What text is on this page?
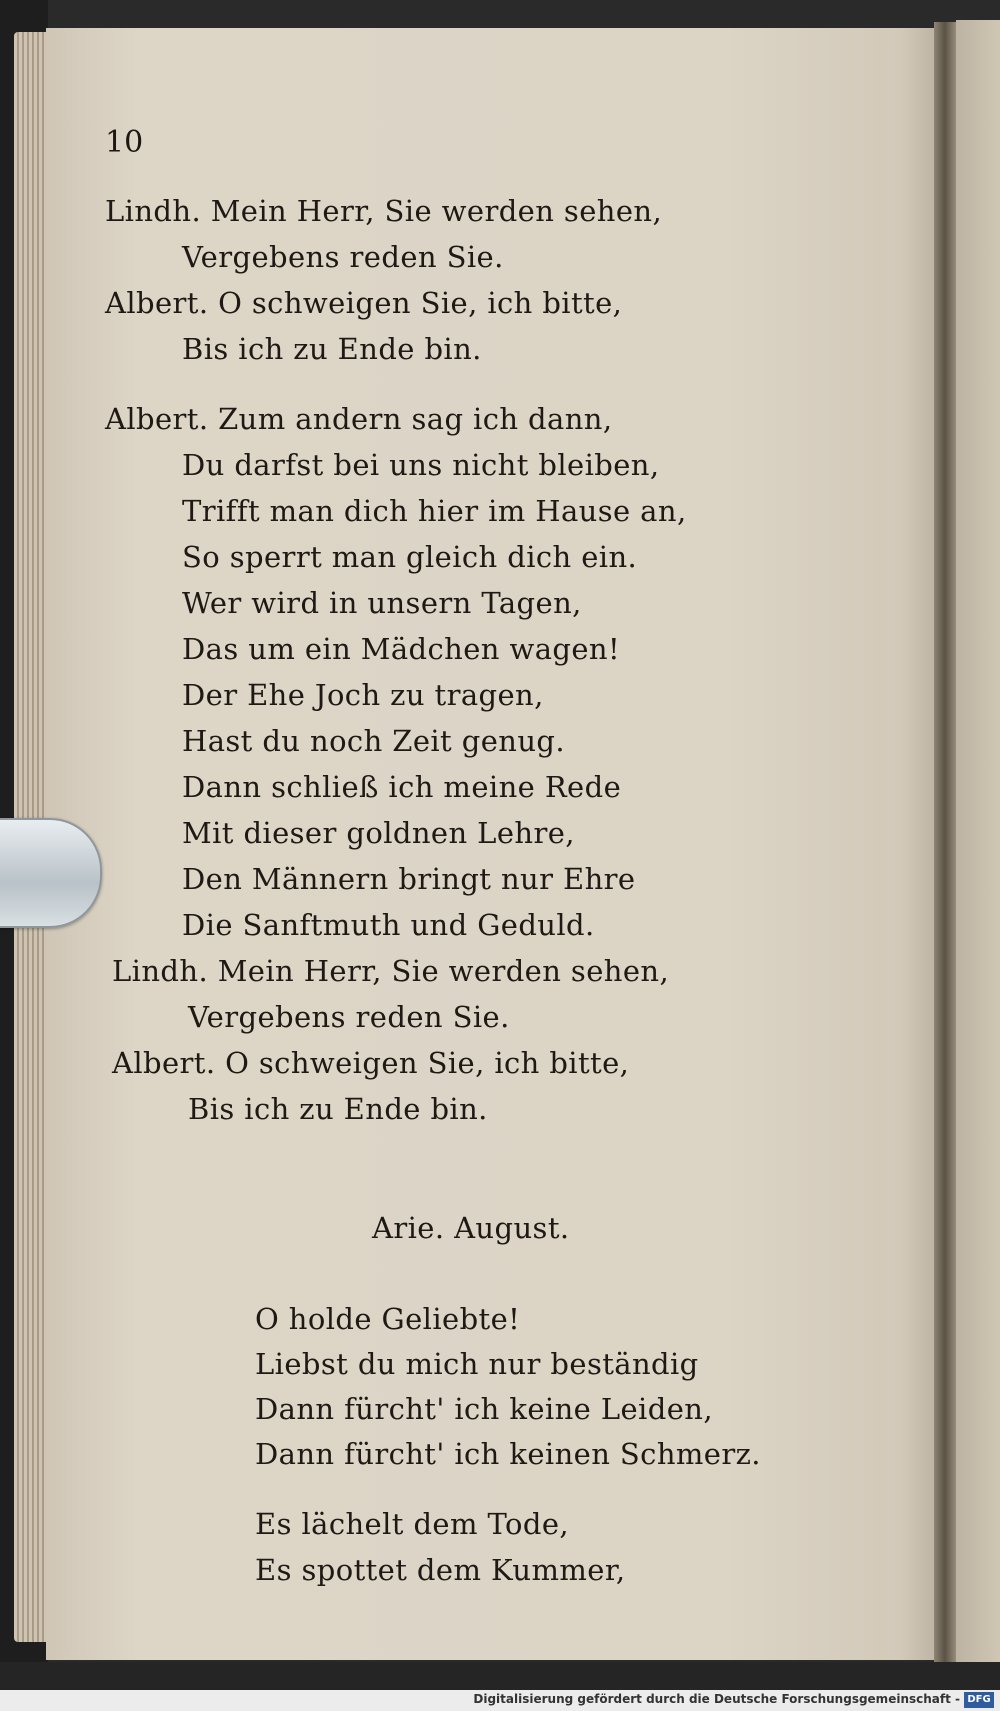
10

Lindh. Mein Herr, Sie werden sehen,

Vergebens reden Sie.

Albert. O schweigen Sie, ich bitte,

Bis ich zu Ende bin.

Albert. Zum andern sag ich dann,

Du darfst bei uns nicht bleiben,

Trifft man dich hier im Hause an,

So sperrt man gleich dich ein.

Wer wird in unsern Tagen,

Das um ein Mädchen wagen!

Der Ehe Joch zu tragen,

Hast du noch Zeit genug.

Dann schließ ich meine Rede

Mit dieser goldnen Lehre,

Den Männern bringt nur Ehre

Die Sanftmuth und Geduld.

Lindh. Mein Herr, Sie werden sehen,

Vergebens reden Sie.

Albert. O schweigen Sie, ich bitte,

Bis ich zu Ende bin.

Arie. August.

O holde Geliebte!

Liebst du mich nur beständig

Dann fürcht' ich keine Leiden,

Dann fürcht' ich keinen Schmerz.

Es lächelt dem Tode,

Es spottet dem Kummer,

Digitalisierung gefördert durch die Deutsche Forschungsgemeinschaft - DFG
